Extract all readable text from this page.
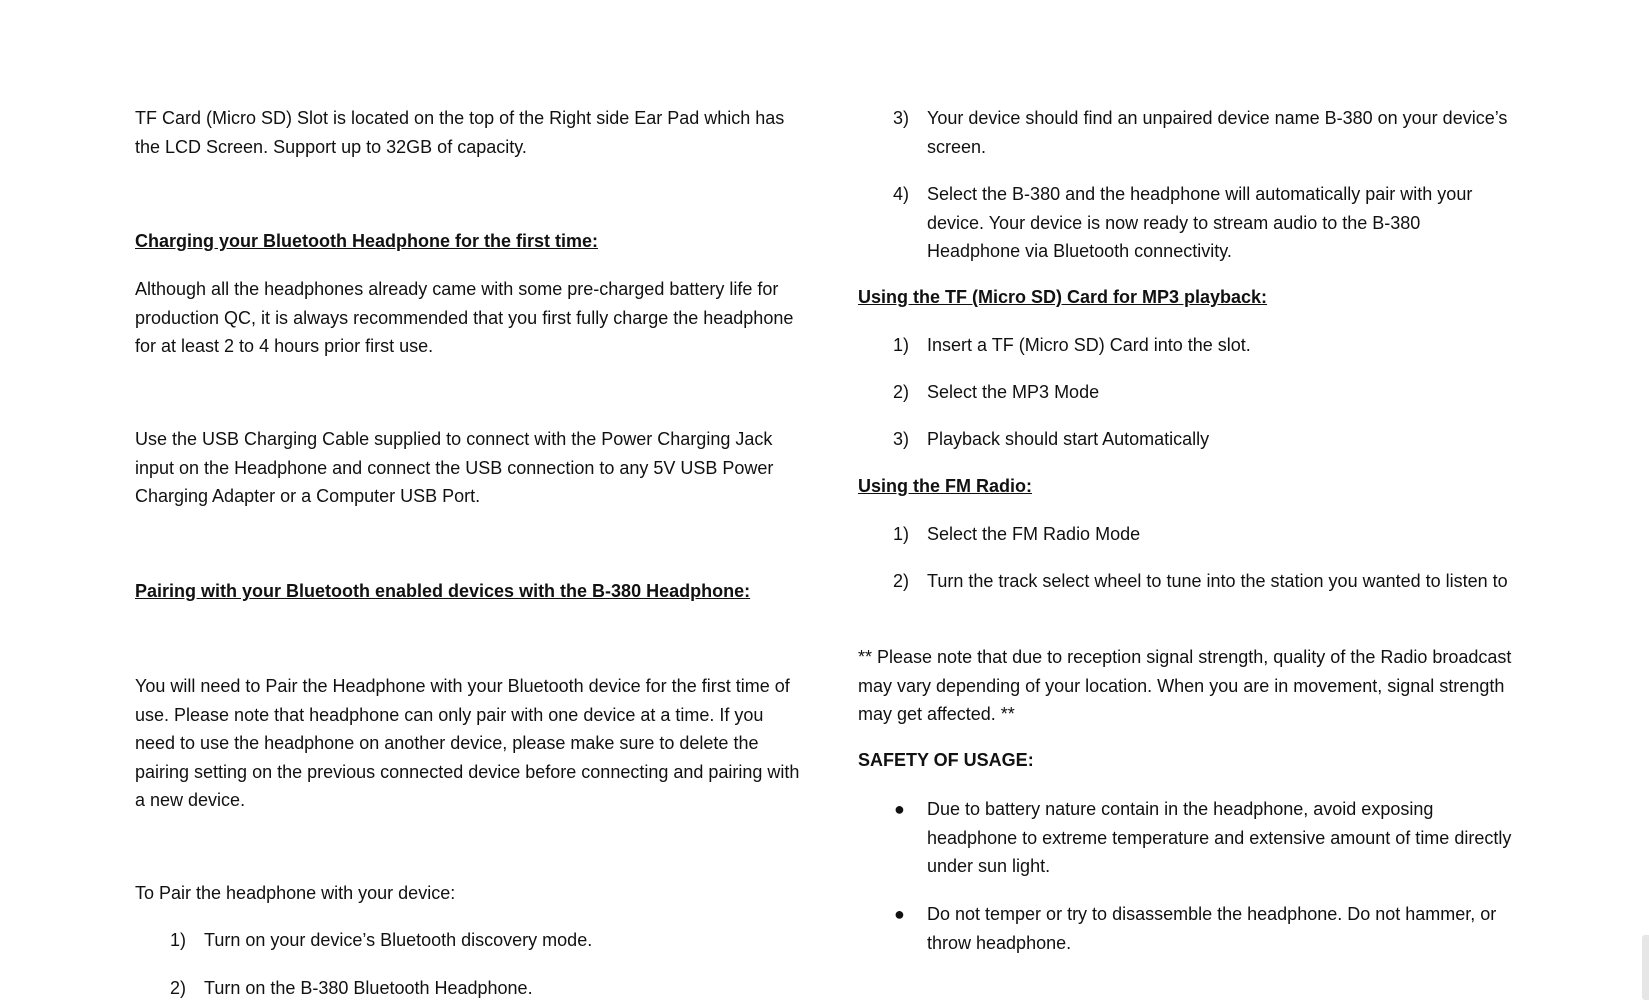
TF Card (Micro SD) Slot is located on the top of the Right side Ear Pad which has the LCD Screen. Support up to 32GB of capacity.

Charging your Bluetooth Headphone for the first time:

Although all the headphones already came with some pre-charged battery life for production QC, it is always recommended that you first fully charge the headphone for at least 2 to 4 hours prior first use.

Use the USB Charging Cable supplied to connect with the Power Charging Jack input on the Headphone and connect the USB connection to any 5V USB Power Charging Adapter or a Computer USB Port.

Pairing with your Bluetooth enabled devices with the B-380 Headphone:

You will need to Pair the Headphone with your Bluetooth device for the first time of use. Please note that headphone can only pair with one device at a time. If you need to use the headphone on another device, please make sure to delete the pairing setting on the previous connected device before connecting and pairing with a new device.

To Pair the headphone with your device:

1) Turn on your device’s Bluetooth discovery mode.
2) Turn on the B-380 Bluetooth Headphone.
3) Your device should find an unpaired device name B-380 on your device’s screen.
4) Select the B-380 and the headphone will automatically pair with your device. Your device is now ready to stream audio to the B-380 Headphone via Bluetooth connectivity.

Using the TF (Micro SD) Card for MP3 playback:

1) Insert a TF (Micro SD) Card into the slot.
2) Select the MP3 Mode
3) Playback should start Automatically

Using the FM Radio:

1) Select the FM Radio Mode
2) Turn the track select wheel to tune into the station you wanted to listen to

** Please note that due to reception signal strength, quality of the Radio broadcast may vary depending of your location. When you are in movement, signal strength may get affected. **

SAFETY OF USAGE:

● Due to battery nature contain in the headphone, avoid exposing headphone to extreme temperature and extensive amount of time directly under sun light.
● Do not temper or try to disassemble the headphone. Do not hammer, or throw headphone.
